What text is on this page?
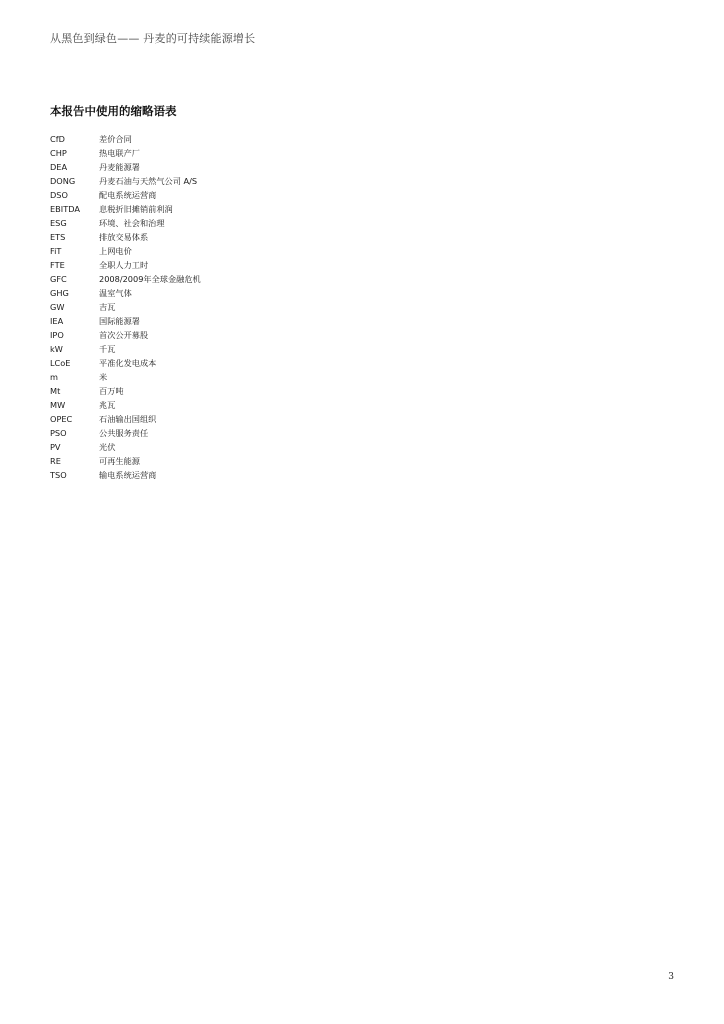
从黑色到绿色—— 丹麦的可持续能源增长
本报告中使用的缩略语表
CfD	差价合同
CHP	热电联产厂
DEA	丹麦能源署
DONG	丹麦石油与天然气公司 A/S
DSO	配电系统运营商
EBITDA	息税折旧摊销前利润
ESG	环境、社会和治理
ETS	排放交易体系
FiT	上网电价
FTE	全职人力工时
GFC	2008/2009年全球金融危机
GHG	温室气体
GW	吉瓦
IEA	国际能源署
IPO	首次公开募股
kW	千瓦
LCoE	平准化发电成本
m	米
Mt	百万吨
MW	兆瓦
OPEC	石油输出国组织
PSO	公共服务责任
PV	光伏
RE	可再生能源
TSO	输电系统运营商
3
